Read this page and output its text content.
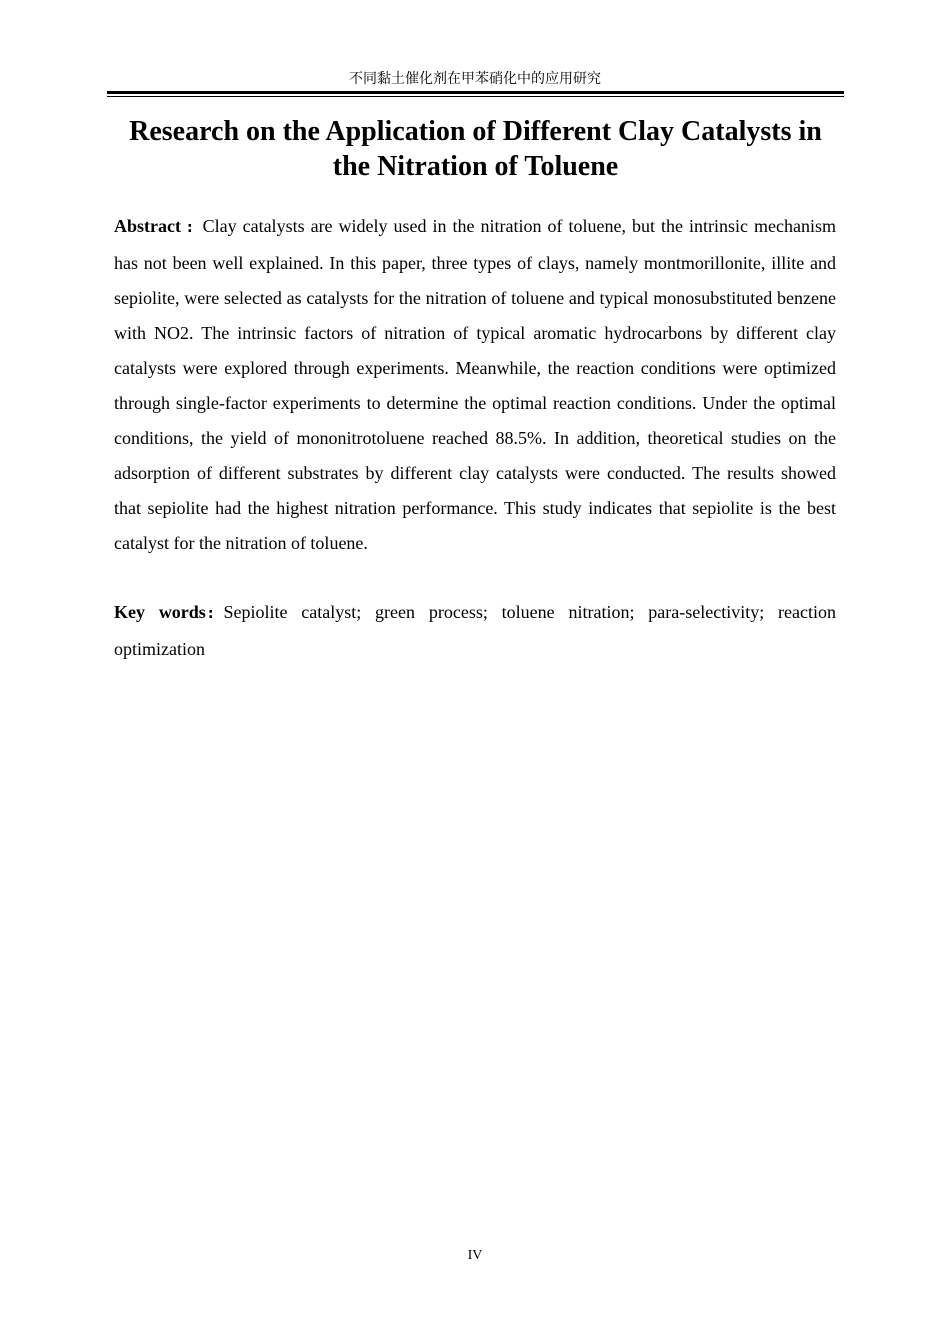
不同黏土催化剂在甲苯硝化中的应用研究
Research on the Application of Different Clay Catalysts in the Nitration of Toluene

Abstract : Clay catalysts are widely used in the nitration of toluene, but the intrinsic mechanism has not been well explained. In this paper, three types of clays, namely montmorillonite, illite and sepiolite, were selected as catalysts for the nitration of toluene and typical monosubstituted benzene with NO2. The intrinsic factors of nitration of typical aromatic hydrocarbons by different clay catalysts were explored through experiments. Meanwhile, the reaction conditions were optimized through single-factor experiments to determine the optimal reaction conditions. Under the optimal conditions, the yield of mononitrotoluene reached 88.5%. In addition, theoretical studies on the adsorption of different substrates by different clay catalysts were conducted. The results showed that sepiolite had the highest nitration performance. This study indicates that sepiolite is the best catalyst for the nitration of toluene.

Key words : Sepiolite catalyst; green process; toluene nitration; para-selectivity; reaction optimization

IV
